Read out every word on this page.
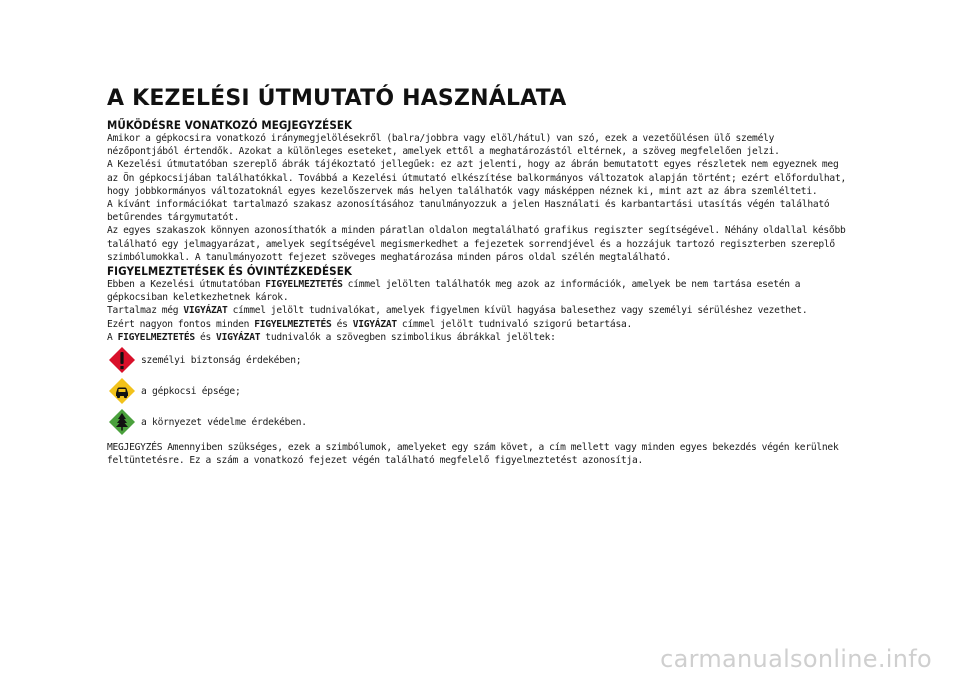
A KEZELÉSI ÚTMUTATÓ HASZNÁLATA
MŰKÖDÉSRE VONATKOZÓ MEGJEGYZÉSEK

Amikor a gépkocsira vonatkozó iránymegjelölésekről (balra/jobbra vagy elöl/hátul) van szó, ezek a vezetőülésen ülő személy nézőpontjából értendők. Azokat a különleges eseteket, amelyek ettől a meghatározástól eltérnek, a szöveg megfelelően jelzi.

A Kezelési útmutatóban szereplő ábrák tájékoztató jellegűek: ez azt jelenti, hogy az ábrán bemutatott egyes részletek nem egyeznek meg az Ön gépkocsijában találhatókkal. Továbbá a Kezelési útmutató elkészítése balkormányos változatok alapján történt; ezért előfordulhat, hogy jobbkormányos változatoknál egyes kezelőszervek más helyen találhatók vagy másképpen néznek ki, mint azt az ábra szemlélteti.

A kívánt információkat tartalmazó szakasz azonosításához tanulmányozzuk a jelen Használati és karbantartási utasítás végén található betűrendes tárgymutatót.

Az egyes szakaszok könnyen azonosíthatók a minden páratlan oldalon megtalálható grafikus regiszter segítségével. Néhány oldallal később található egy jelmagyarázat, amelyek segítségével megismerkedhet a fejezetek sorrendjével és a hozzájuk tartozó regiszterben szereplő szimbólumokkal. A tanulmányozott fejezet szöveges meghatározása minden páros oldal szélén megtalálható.

FIGYELMEZTETÉSEK ÉS ÓVINTÉZKEDÉSEK

Ebben a Kezelési útmutatóban FIGYELMEZTETÉS címmel jelölten találhatók meg azok az információk, amelyek be nem tartása esetén a gépkocsiban keletkezhetnek károk.

Tartalmaz még VIGYÁZAT címmel jelölt tudnivalókat, amelyek figyelmen kívül hagyása balesethez vagy személyi sérüléshez vezethet.

Ezért nagyon fontos minden FIGYELMEZTETÉS és VIGYÁZAT címmel jelölt tudnivaló szigorú betartása.

A FIGYELMEZTETÉS és VIGYÁZAT tudnivalók a szövegben szimbolikus ábrákkal jelöltek:

személyi biztonság érdekében;
a gépkocsi épsége;
a környezet védelme érdekében.

MEGJEGYZÉS Amennyiben szükséges, ezek a szimbólumok, amelyeket egy szám követ, a cím mellett vagy minden egyes bekezdés végén kerülnek feltüntetésre. Ez a szám a vonatkozó fejezet végén található megfelelő figyelmeztetést azonosítja.

carmanualsonline.info
